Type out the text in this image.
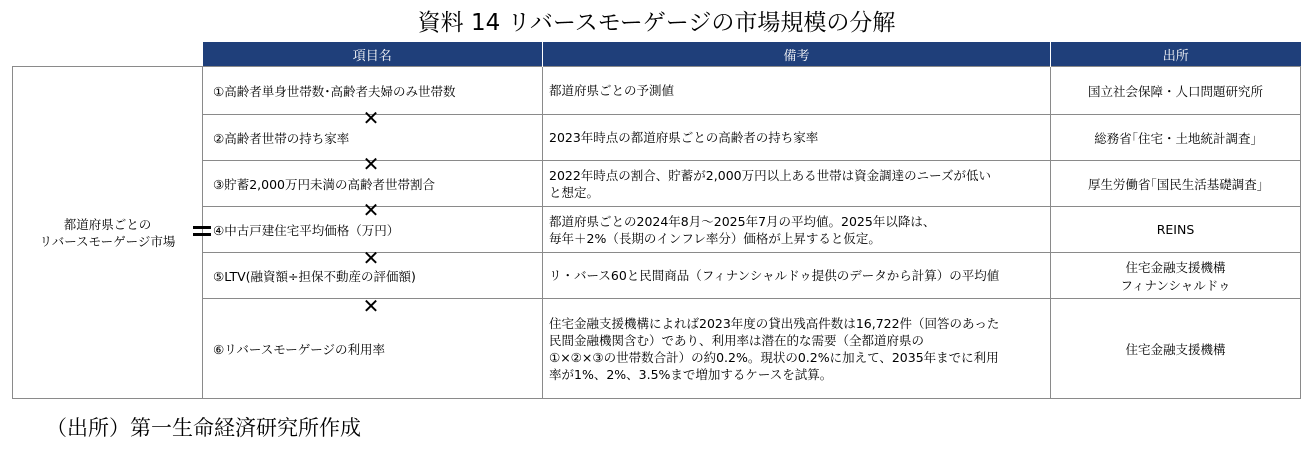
資料 14 リバースモーゲージの市場規模の分解
	項目名	備考	出所

都道府県ごとの
リバースモーゲージ市場	①高齢者単身世帯数･高齢者夫婦のみ世帯数	都道府県ごとの予測値	国立社会保障・人口問題研究所

	②高齢者世帯の持ち家率	2023年時点の都道府県ごとの高齢者の持ち家率	総務省｢住宅・土地統計調査｣

	③貯蓄2,000万円未満の高齢者世帯割合	2022年時点の割合、貯蓄が2,000万円以上ある世帯は資金調達のニーズが低い
と想定。	厚生労働省｢国民生活基礎調査｣

	④中古戸建住宅平均価格（万円）	都道府県ごとの2024年8月～2025年7月の平均値。2025年以降は、
毎年＋2%（長期のインフレ率分）価格が上昇すると仮定。	REINS

	⑤LTV(融資額÷担保不動産の評価額)	リ・バース60と民間商品（フィナンシャルドゥ提供のデータから計算）の平均値	住宅金融支援機構
フィナンシャルドゥ

	⑥リバースモーゲージの利用率	住宅金融支援機構によれば2023年度の貸出残高件数は16,722件（回答のあった
民間金融機関含む）であり、利用率は潜在的な需要（全都道府県の
①×②×③の世帯数合計）の約0.2%。現状の0.2%に加えて、2035年までに利用
率が1%、2%、3.5%まで増加するケースを試算。	住宅金融支援機構
✕
✕
✕
✕
✕
（出所）第一生命経済研究所作成
